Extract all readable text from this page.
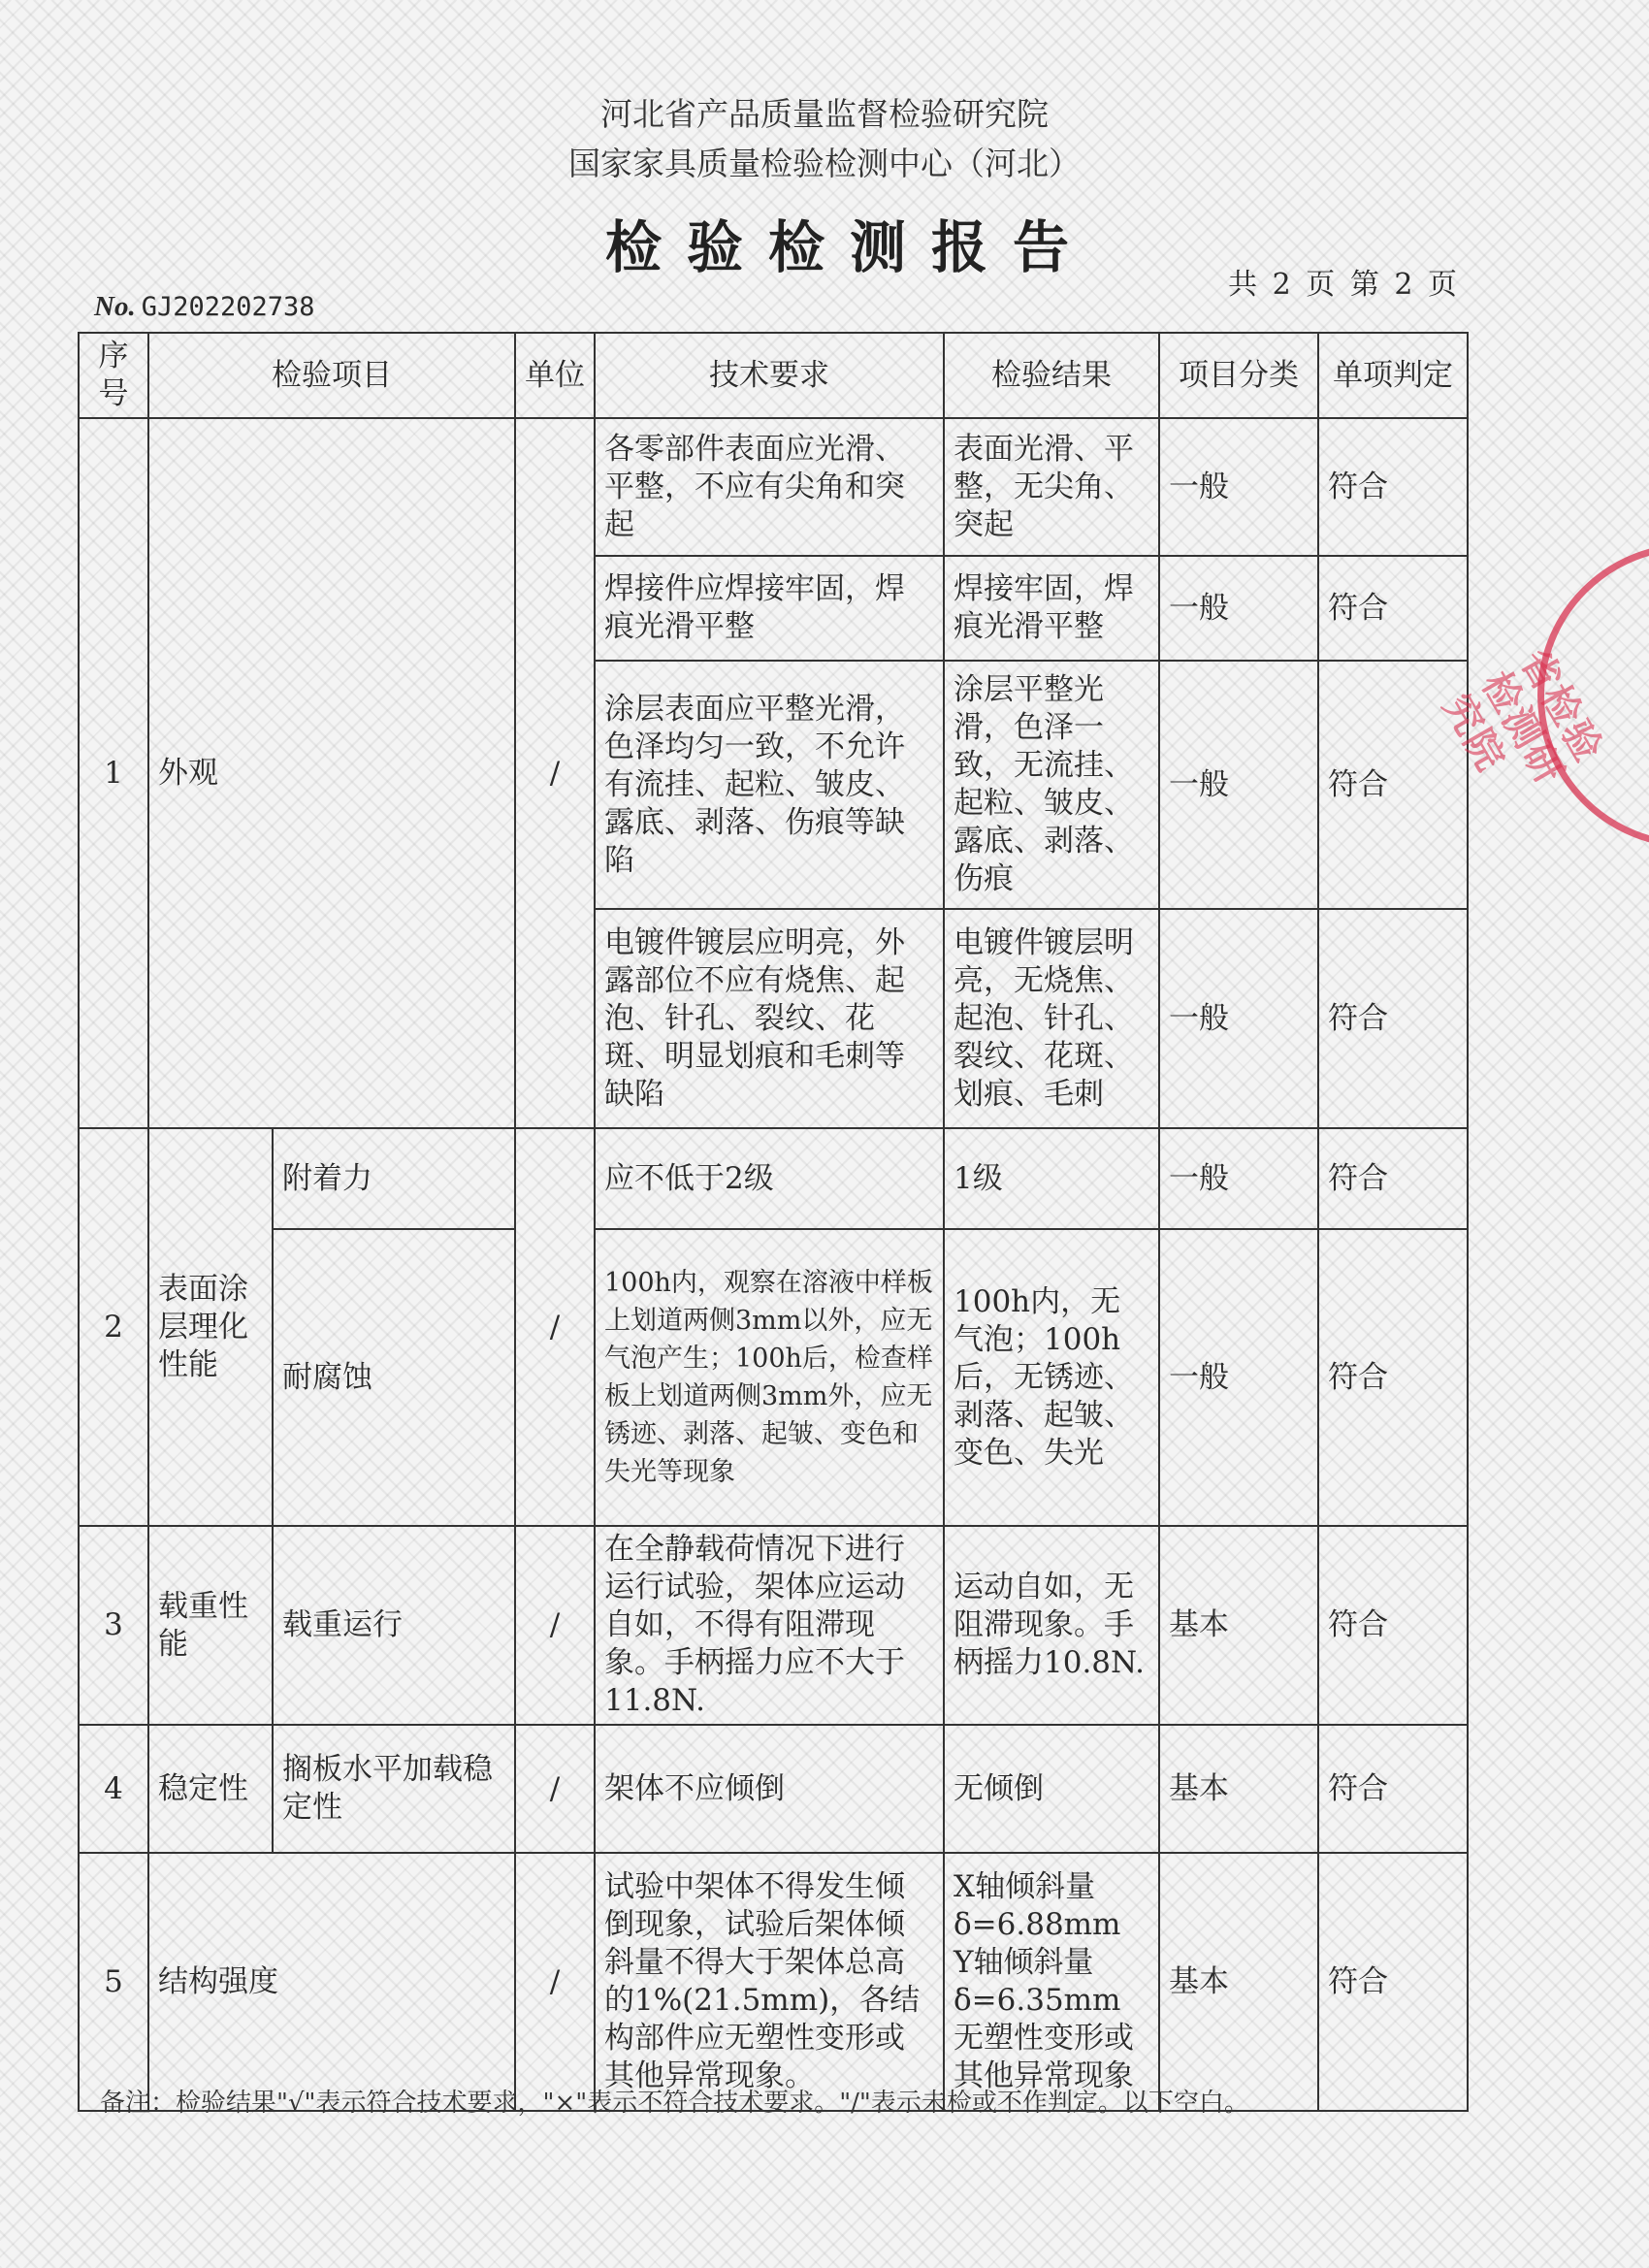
河北省产品质量监督检验研究院
国家家具质量检验检测中心（河北）
检验检测报告
共 2 页 第 2 页
No. GJ202202738
序号	检验项目		单位	技术要求	检验结果	项目分类	单项判定
1	外观		/	各零部件表面应光滑、平整，不应有尖角和突起	表面光滑、平整，无尖角、突起	一般	符合
				焊接件应焊接牢固，焊痕光滑平整	焊接牢固，焊痕光滑平整	一般	符合
				涂层表面应平整光滑，色泽均匀一致，不允许有流挂、起粒、皱皮、露底、剥落、伤痕等缺陷	涂层平整光滑，色泽一致，无流挂、起粒、皱皮、露底、剥落、伤痕	一般	符合
				电镀件镀层应明亮，外露部位不应有烧焦、起泡、针孔、裂纹、花斑、明显划痕和毛刺等缺陷	电镀件镀层明亮，无烧焦、起泡、针孔、裂纹、花斑、划痕、毛刺	一般	符合
2	表面涂层理化性能	附着力	/	应不低于2级	1级	一般	符合
		耐腐蚀		100h内，观察在溶液中样板上划道两侧3mm以外，应无气泡产生；100h后，检查样板上划道两侧3mm外，应无锈迹、剥落、起皱、变色和失光等现象	100h内，无气泡；100h后，无锈迹、剥落、起皱、变色、失光	一般	符合
3	载重性能	载重运行	/	在全静载荷情况下进行运行试验，架体应运动自如，不得有阻滞现象。手柄摇力应不大于11.8N.	运动自如，无阻滞现象。手柄摇力10.8N.	基本	符合
4	稳定性	搁板水平加载稳定性	/	架体不应倾倒	无倾倒	基本	符合
5	结构强度		/	试验中架体不得发生倾倒现象，试验后架体倾斜量不得大于架体总高的1%(21.5mm)，各结构部件应无塑性变形或其他异常现象。	X轴倾斜量δ=6.88mm Y轴倾斜量δ=6.35mm无塑性变形或其他异常现象	基本	符合
备注：检验结果"√"表示符合技术要求，"×"表示不符合技术要求。"/"表示未检或不作判定。以下空白。
省检验检测研究院
